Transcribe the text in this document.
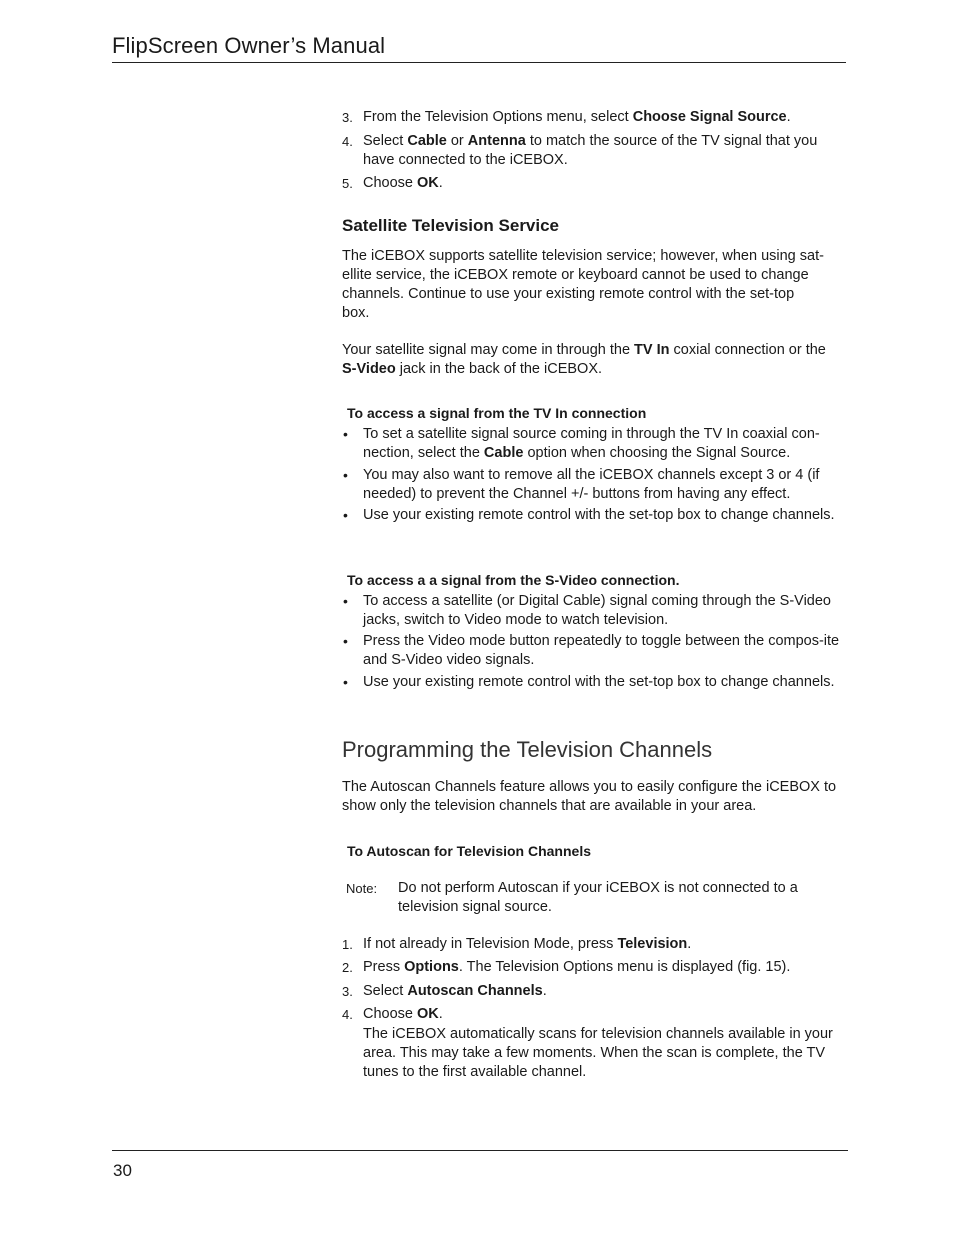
FlipScreen Owner’s Manual
3. From the Television Options menu, select Choose Signal Source.
4. Select Cable or Antenna to match the source of the TV signal that you have connected to the iCEBOX.
5. Choose OK.
Satellite Television Service
The iCEBOX supports satellite television service; however, when using sat-
ellite service, the iCEBOX remote or keyboard cannot be used to change
channels. Continue to use your existing remote control with the set-top
box.
Your satellite signal may come in through the TV In coxial connection or the S-Video jack in the back of the iCEBOX.
To access a signal from the TV In connection
•	To set a satellite signal source coming in through the TV In coaxial con-nection, select the Cable option when choosing the Signal Source.
•	You may also want to remove all the iCEBOX channels except 3 or 4 (if needed) to prevent the Channel +/- buttons from having any effect.
•	Use your existing remote control with the set-top box to change channels.
To access a a signal from the S-Video connection.
•	To access a satellite (or Digital Cable) signal coming through the S-Video jacks, switch to Video mode to watch television.
•	Press the Video mode button repeatedly to toggle between the compos-ite and S-Video video signals.
•	Use your existing remote control with the set-top box to change channels.
Programming the Television Channels
The Autoscan Channels feature allows you to easily configure the iCEBOX to show only the television channels that are available in your area.
To Autoscan for Television Channels
Note: Do not perform Autoscan if your iCEBOX is not connected to a television signal source.
1. If not already in Television Mode, press Television.
2. Press Options. The Television Options menu is displayed (fig. 15).
3. Select Autoscan Channels.
4. Choose OK.
The iCEBOX automatically scans for television channels available in your area. This may take a few moments. When the scan is complete, the TV tunes to the first available channel.
30
